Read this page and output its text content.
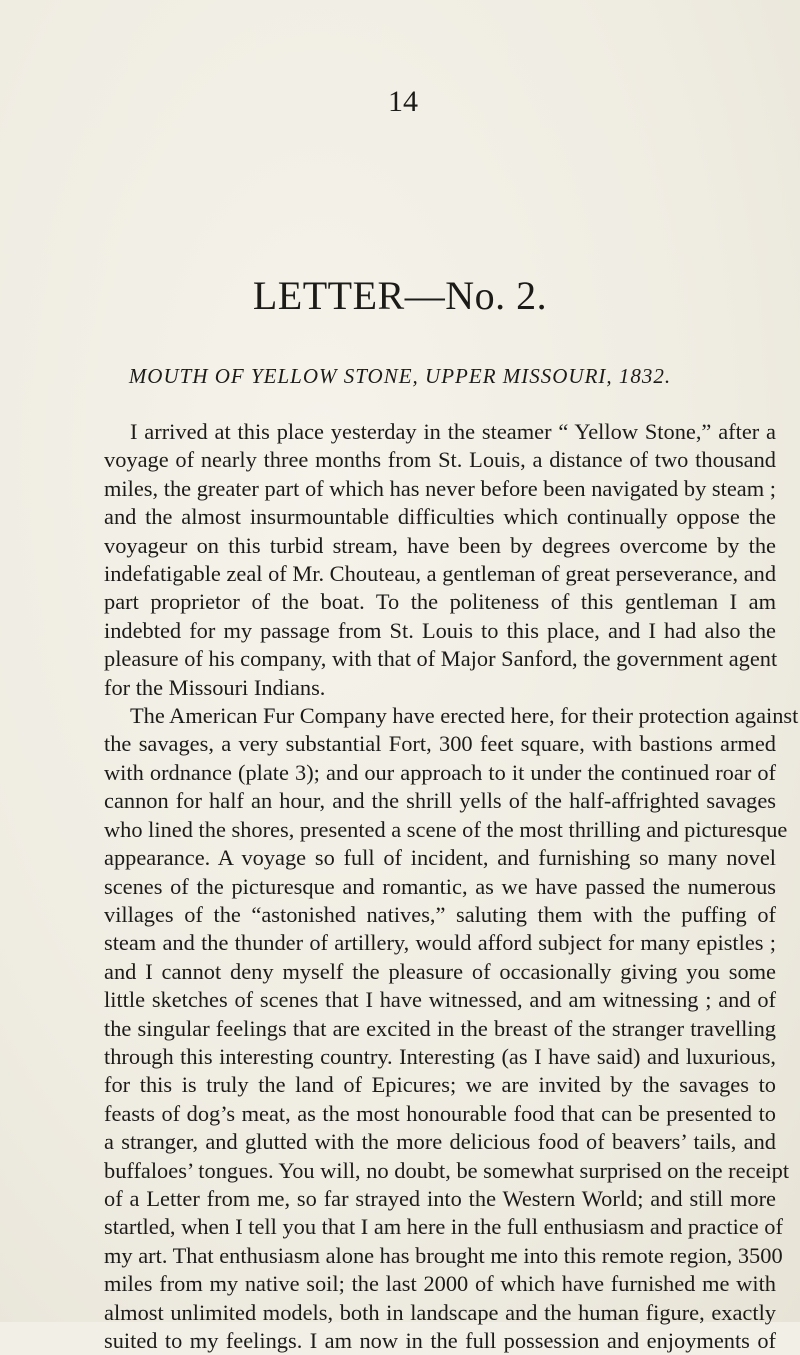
14
LETTER—No. 2.
MOUTH OF YELLOW STONE, UPPER MISSOURI, 1832.
I arrived at this place yesterday in the steamer “ Yellow Stone,” after a
voyage of nearly three months from St. Louis, a distance of two thousand
miles, the greater part of which has never before been navigated by steam ;
and the almost insurmountable difficulties which continually oppose the
voyageur on this turbid stream, have been by degrees overcome by the
indefatigable zeal of Mr. Chouteau, a gentleman of great perseverance, and
part proprietor of the boat. To the politeness of this gentleman I am
indebted for my passage from St. Louis to this place, and I had also the
pleasure of his company, with that of Major Sanford, the government agent
for the Missouri Indians.
The American Fur Company have erected here, for their protection against
the savages, a very substantial Fort, 300 feet square, with bastions armed
with ordnance (plate 3); and our approach to it under the continued roar of
cannon for half an hour, and the shrill yells of the half-affrighted savages
who lined the shores, presented a scene of the most thrilling and picturesque
appearance. A voyage so full of incident, and furnishing so many novel
scenes of the picturesque and romantic, as we have passed the numerous
villages of the “astonished natives,” saluting them with the puffing of
steam and the thunder of artillery, would afford subject for many epistles ;
and I cannot deny myself the pleasure of occasionally giving you some
little sketches of scenes that I have witnessed, and am witnessing ; and of
the singular feelings that are excited in the breast of the stranger travelling
through this interesting country. Interesting (as I have said) and luxurious,
for this is truly the land of Epicures; we are invited by the savages to
feasts of dog’s meat, as the most honourable food that can be presented to
a stranger, and glutted with the more delicious food of beavers’ tails, and
buffaloes’ tongues. You will, no doubt, be somewhat surprised on the receipt
of a Letter from me, so far strayed into the Western World; and still more
startled, when I tell you that I am here in the full enthusiasm and practice of
my art. That enthusiasm alone has brought me into this remote region, 3500
miles from my native soil; the last 2000 of which have furnished me with
almost unlimited models, both in landscape and the human figure, exactly
suited to my feelings. I am now in the full possession and enjoyments of
